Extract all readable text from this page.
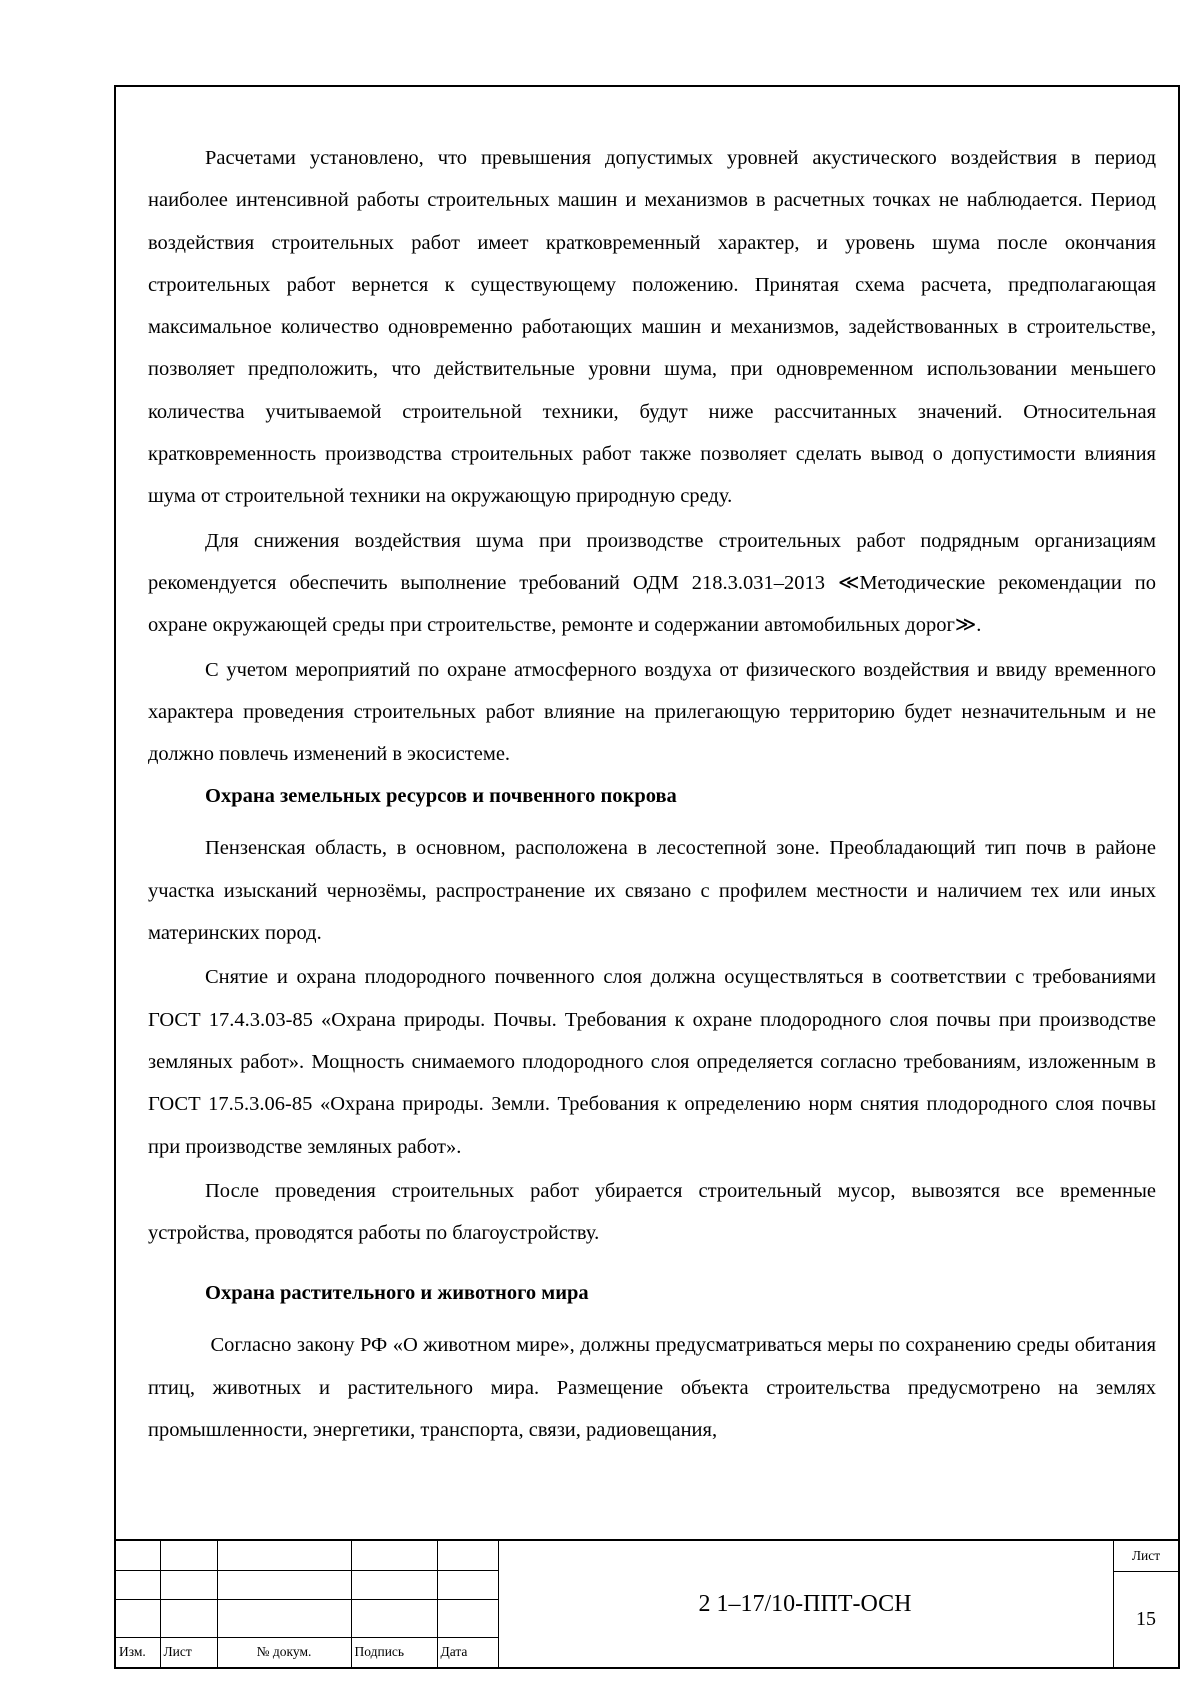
Расчетами установлено, что превышения допустимых уровней акустического воздействия в период наиболее интенсивной работы строительных машин и механизмов в расчетных точках не наблюдается. Период воздействия строительных работ имеет кратковременный характер, и уровень шума после окончания строительных работ вернется к существующему положению. Принятая схема расчета, предполагающая максимальное количество одновременно работающих машин и механизмов, задействованных в строительстве, позволяет предположить, что действительные уровни шума, при одновременном использовании меньшего количества учитываемой строительной техники, будут ниже рассчитанных значений. Относительная кратковременность производства строительных работ также позволяет сделать вывод о допустимости влияния шума от строительной техники на окружающую природную среду.

Для снижения воздействия шума при производстве строительных работ подрядным организациям рекомендуется обеспечить выполнение требований ОДМ 218.3.031–2013 ≪Методические рекомендации по охране окружающей среды при строительстве, ремонте и содержании автомобильных дорог≫.

С учетом мероприятий по охране атмосферного воздуха от физического воздействия и ввиду временного характера проведения строительных работ влияние на прилегающую территорию будет незначительным и не должно повлечь изменений в экосистеме.

Охрана земельных ресурсов и почвенного покрова

Пензенская область, в основном, расположена в лесостепной зоне. Преобладающий тип почв в районе участка изысканий чернозёмы, распространение их связано с профилем местности и наличием тех или иных материнских пород.

Снятие и охрана плодородного почвенного слоя должна осуществляться в соответствии с требованиями ГОСТ 17.4.3.03-85 «Охрана природы. Почвы. Требования к охране плодородного слоя почвы при производстве земляных работ». Мощность снимаемого плодородного слоя определяется согласно требованиям, изложенным в ГОСТ 17.5.3.06-85 «Охрана природы. Земли. Требования к определению норм снятия плодородного слоя почвы при производстве земляных работ».

После проведения строительных работ убирается строительный мусор, вывозятся все временные устройства, проводятся работы по благоустройству.

Охрана растительного и животного мира

Согласно закону РФ «О животном мире», должны предусматриваться меры по сохранению среды обитания птиц, животных и растительного мира. Размещение объекта строительства предусмотрено на землях промышленности, энергетики, транспорта, связи, радиовещания,

Изм.	Лист	№ докум.	Подпись	Дата
2 1–17/10-ППТ-ОСН
Лист
15
